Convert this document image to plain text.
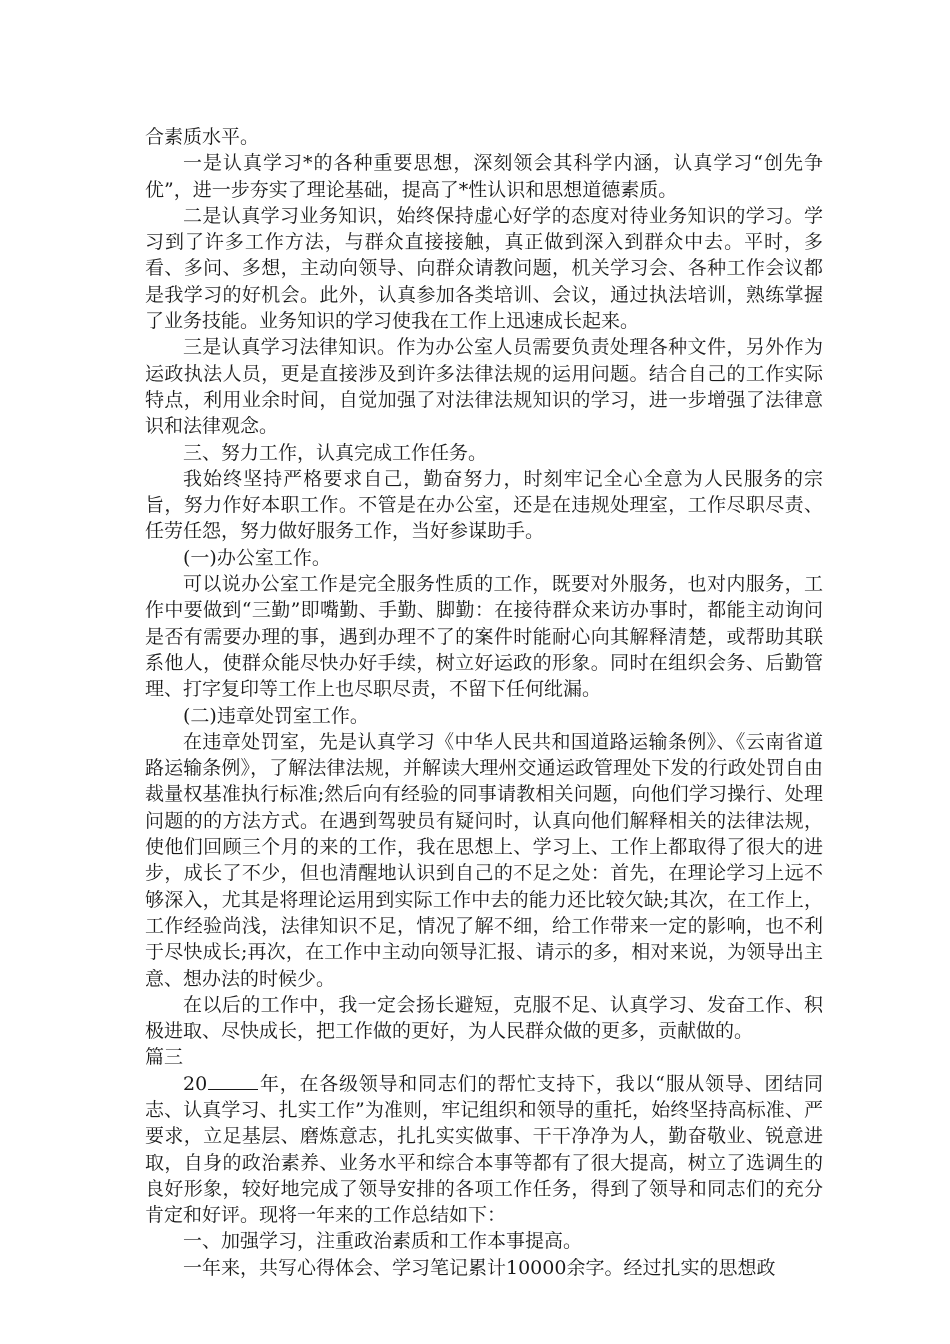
合素质水平。

一是认真学习*的各种重要思想，深刻领会其科学内涵，认真学习“创先争优”，进一步夯实了理论基础，提高了*性认识和思想道德素质。

二是认真学习业务知识，始终保持虚心好学的态度对待业务知识的学习。学习到了许多工作方法，与群众直接接触，真正做到深入到群众中去。平时，多看、多问、多想，主动向领导、向群众请教问题，机关学习会、各种工作会议都是我学习的好机会。此外，认真参加各类培训、会议，通过执法培训，熟练掌握了业务技能。业务知识的学习使我在工作上迅速成长起来。

三是认真学习法律知识。作为办公室人员需要负责处理各种文件，另外作为运政执法人员，更是直接涉及到许多法律法规的运用问题。结合自己的工作实际特点，利用业余时间，自觉加强了对法律法规知识的学习，进一步增强了法律意识和法律观念。

三、努力工作，认真完成工作任务。

我始终坚持严格要求自己，勤奋努力，时刻牢记全心全意为人民服务的宗旨，努力作好本职工作。不管是在办公室，还是在违规处理室，工作尽职尽责、任劳任怨，努力做好服务工作，当好参谋助手。

(一)办公室工作。

可以说办公室工作是完全服务性质的工作，既要对外服务，也对内服务，工作中要做到“三勤”即嘴勤、手勤、脚勤：在接待群众来访办事时，都能主动询问是否有需要办理的事，遇到办理不了的案件时能耐心向其解释清楚，或帮助其联系他人，使群众能尽快办好手续，树立好运政的形象。同时在组织会务、后勤管理、打字复印等工作上也尽职尽责，不留下任何纰漏。

(二)违章处罚室工作。

在违章处罚室，先是认真学习《中华人民共和国道路运输条例》、《云南省道路运输条例》，了解法律法规，并解读大理州交通运政管理处下发的行政处罚自由裁量权基准执行标准;然后向有经验的同事请教相关问题，向他们学习操行、处理问题的的方法方式。在遇到驾驶员有疑问时，认真向他们解释相关的法律法规，使他们回顾三个月的来的工作，我在思想上、学习上、工作上都取得了很大的进步，成长了不少，但也清醒地认识到自己的不足之处：首先，在理论学习上远不够深入，尤其是将理论运用到实际工作中去的能力还比较欠缺;其次，在工作上，工作经验尚浅，法律知识不足，情况了解不细，给工作带来一定的影响，也不利于尽快成长;再次，在工作中主动向领导汇报、请示的多，相对来说，为领导出主意、想办法的时候少。

在以后的工作中，我一定会扬长避短，克服不足、认真学习、发奋工作、积极进取、尽快成长，把工作做的更好，为人民群众做的更多，贡献做的。

篇三

20	年，在各级领导和同志们的帮忙支持下，我以“服从领导、团结同志、认真学习、扎实工作”为准则，牢记组织和领导的重托，始终坚持高标准、严要求，立足基层、磨炼意志，扎扎实实做事、干干净净为人，勤奋敬业、锐意进取，自身的政治素养、业务水平和综合本事等都有了很大提高，树立了选调生的良好形象，较好地完成了领导安排的各项工作任务，得到了领导和同志们的充分肯定和好评。现将一年来的工作总结如下：

一、加强学习，注重政治素质和工作本事提高。

一年来，共写心得体会、学习笔记累计10000余字。经过扎实的思想政
